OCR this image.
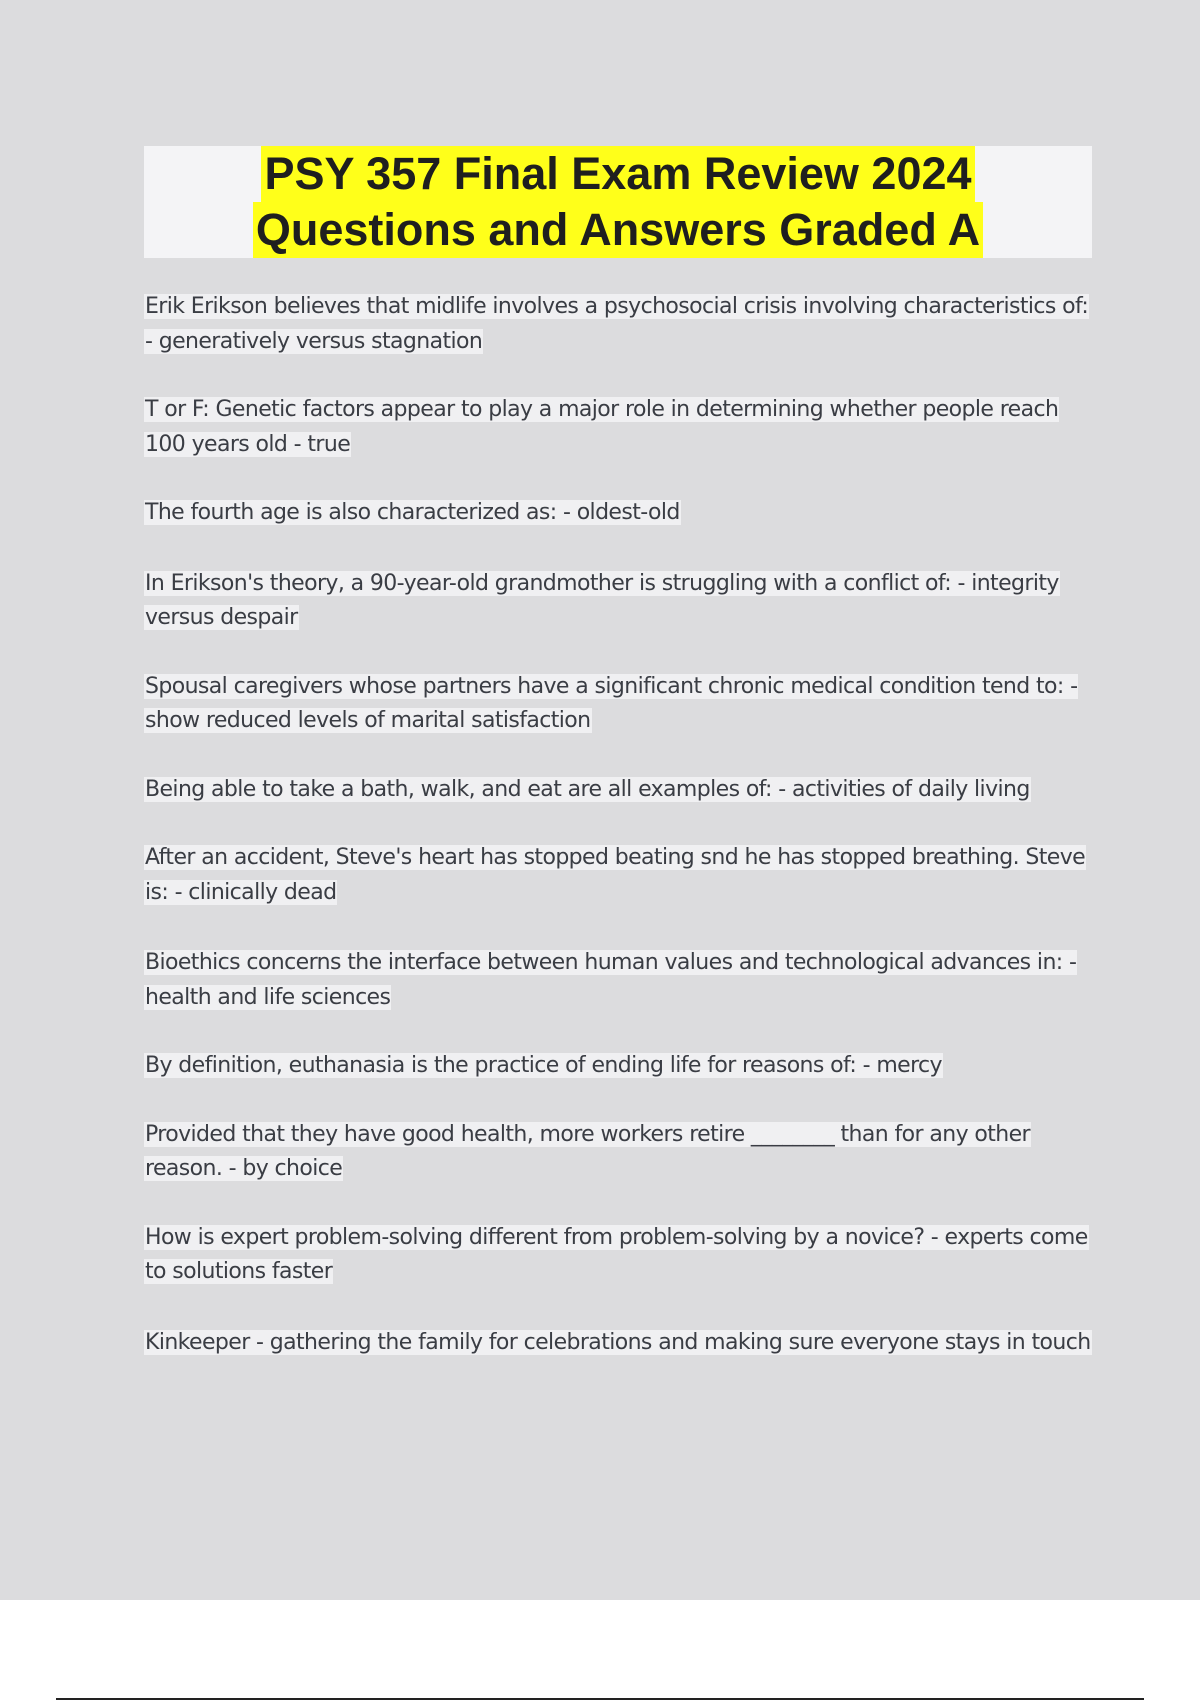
PSY 357 Final Exam Review 2024
Questions and Answers Graded A

Erik Erikson believes that midlife involves a psychosocial crisis involving characteristics of: - generatively versus stagnation

T or F: Genetic factors appear to play a major role in determining whether people reach 100 years old - true

The fourth age is also characterized as: - oldest-old

In Erikson's theory, a 90-year-old grandmother is struggling with a conflict of: - integrity versus despair

Spousal caregivers whose partners have a significant chronic medical condition tend to: - show reduced levels of marital satisfaction

Being able to take a bath, walk, and eat are all examples of: - activities of daily living

After an accident, Steve's heart has stopped beating snd he has stopped breathing. Steve is: - clinically dead

Bioethics concerns the interface between human values and technological advances in: - health and life sciences

By definition, euthanasia is the practice of ending life for reasons of: - mercy

Provided that they have good health, more workers retire ________ than for any other reason. - by choice

How is expert problem-solving different from problem-solving by a novice? - experts come to solutions faster

Kinkeeper - gathering the family for celebrations and making sure everyone stays in touch
